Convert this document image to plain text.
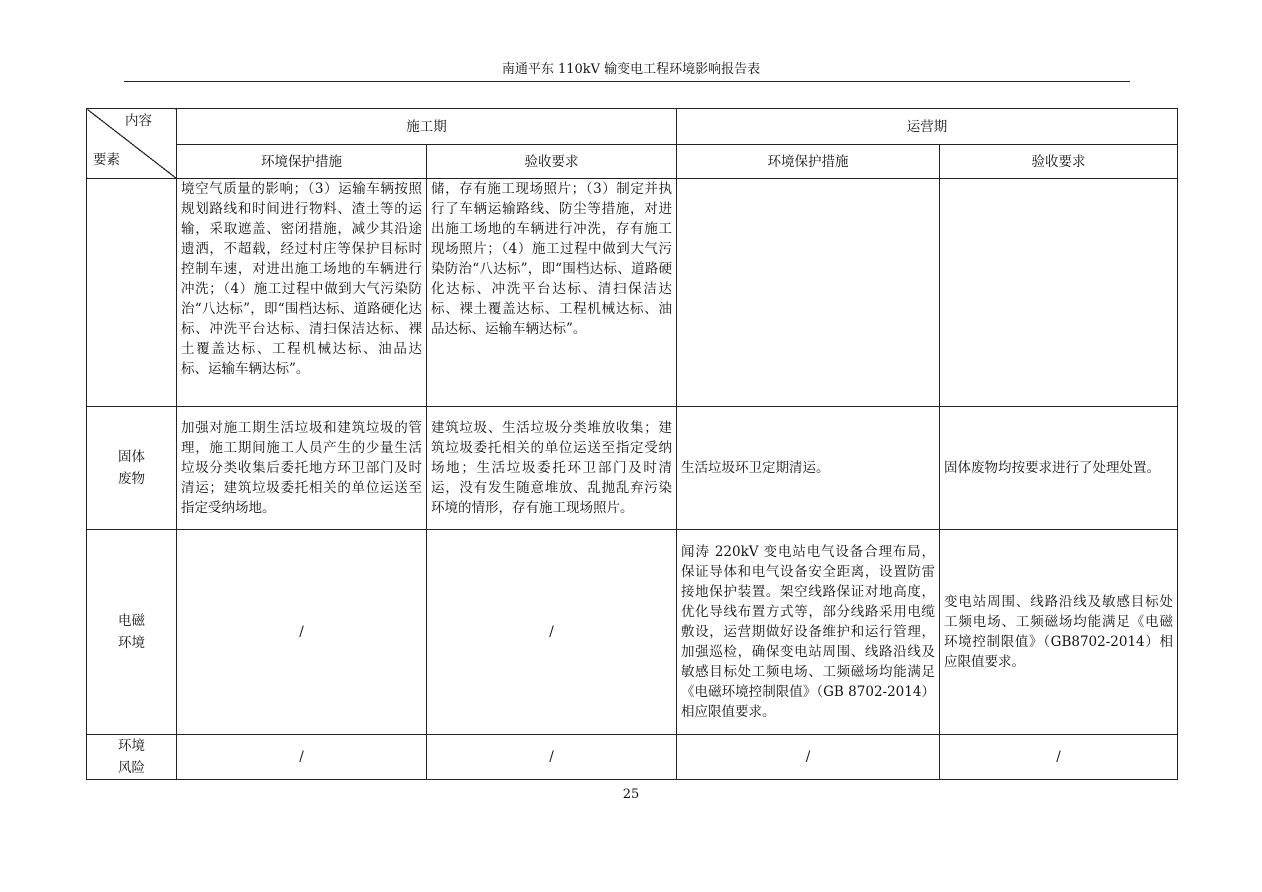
南通平东 110kV 输变电工程环境影响报告表
内容
要素	施工期		运营期	
	环境保护措施	验收要求	环境保护措施	验收要求

	境空气质量的影响；（3）运输车辆按照规划路线和时间进行物料、渣土等的运输，采取遮盖、密闭措施，减少其沿途遗洒，不超载，经过村庄等保护目标时控制车速，对进出施工场地的车辆进行冲洗；（4）施工过程中做到大气污染防治“八达标”，即“围档达标、道路硬化达标、冲洗平台达标、清扫保洁达标、裸土覆盖达标、工程机械达标、油品达标、运输车辆达标”。	储，存有施工现场照片；（3）制定并执行了车辆运输路线、防尘等措施，对进出施工场地的车辆进行冲洗，存有施工现场照片；（4）施工过程中做到大气污染防治“八达标”，即“围档达标、道路硬化达标、冲洗平台达标、清扫保洁达标、裸土覆盖达标、工程机械达标、油品达标、运输车辆达标”。		

固体
废物	加强对施工期生活垃圾和建筑垃圾的管理，施工期间施工人员产生的少量生活垃圾分类收集后委托地方环卫部门及时清运；建筑垃圾委托相关的单位运送至指定受纳场地。	建筑垃圾、生活垃圾分类堆放收集；建筑垃圾委托相关的单位运送至指定受纳场地；生活垃圾委托环卫部门及时清运，没有发生随意堆放、乱抛乱弃污染环境的情形，存有施工现场照片。	生活垃圾环卫定期清运。	固体废物均按要求进行了处理处置。

电磁
环境	/	/	闻涛 220kV 变电站电气设备合理布局，保证导体和电气设备安全距离，设置防雷接地保护装置。架空线路保证对地高度，优化导线布置方式等，部分线路采用电缆敷设，运营期做好设备维护和运行管理，加强巡检，确保变电站周围、线路沿线及敏感目标处工频电场、工频磁场均能满足《电磁环境控制限值》（GB 8702-2014）相应限值要求。	变电站周围、线路沿线及敏感目标处工频电场、工频磁场均能满足《电磁环境控制限值》（GB8702-2014）相应限值要求。

环境
风险	/	/	/	/
25
